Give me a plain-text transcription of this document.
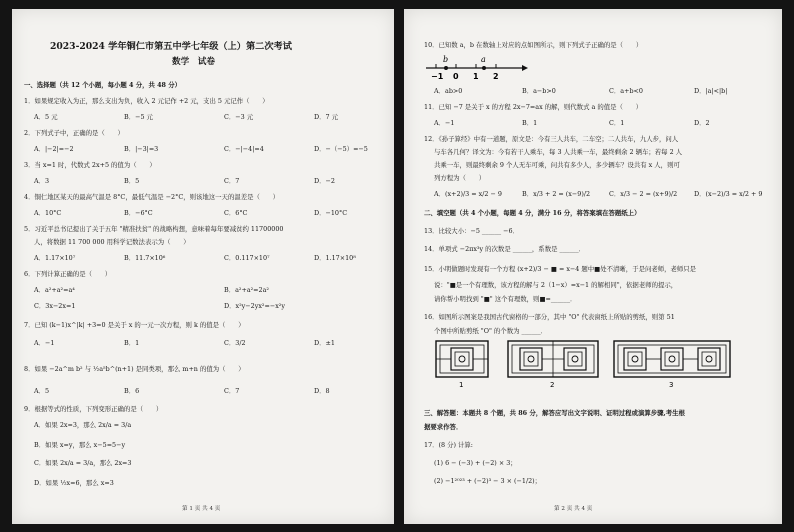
2023-2024 学年铜仁市第五中学七年级（上）第二次考试
数学　试卷
一、选择题（共 12 个小题，每小题 4 分，共 48 分）
1．如果规定收入为正，那么支出为负，收入 2 元记作 +2 元，支出 5 元记作（　　）
A．5 元	B．−5 元	C．−3 元	D．7 元
2．下列式子中，正确的是（　　）
A．|−2|=−2	B．|−3|=3	C．−|−4|=4	D．−（−5）=−5
3．当 x=1 时，代数式 2x+5 的值为（　　）
A．3	B．5	C．7	D．−2
4．铜仁地区某天的最高气温是 8°C，最低气温是 −2°C，则该地这一天的温差是（　　）
A．10°C	B．−6°C	C．6°C	D．−10°C
5．习近平总书记提出了关于五年 "精准扶贫" 的战略构想，意味着每年要减贫约 11700000
人，将数据 11 700 000 用科学记数法表示为（　　）
A．1.17×10⁷	B．11.7×10⁶	C．0.117×10⁷	D．1.17×10⁸
6．下列计算正确的是（　　）
A．a²+a²=a⁴	B．a²+a²=2a²
C．3x−2x=1	D．x²y−2yx²=−x²y
7．已知 (k−1)x^|k| +3=0 是关于 x 的一元一次方程，则 k 的值是（　　）
A．−1	B．1	C．3/2	D．±1
8．如果 −2a^m b² 与 ½a⁵b^(n+1) 是同类项，那么 m+n 的值为（　　）
A．5	B．6	C．7	D．8
9．根据等式的性质，下列变形正确的是（　　）
A．如果 2x=3，那么 2x/a = 3/a
B．如果 x=y，那么 x−5=5−y
C．如果 2x/a = 3/a，那么 2x=3
D．如果 ½x=6，那么 x=3
第 1 页 共 4 页
10．已知数 a，b 在数轴上对应的点如图所示，则下列式子正确的是（　　）
b	a
−1 0 1 2
A．ab>0	B．a−b>0	C．a+b<0	D．|a|<|b|
11．已知 −7 是关于 x 的方程 2x−7=ax 的解，则代数式 a 的值是（　　）
A．−1	B．1	C．1	D．2
12．《孙子算经》中有一道题，原文是：今有三人共车，二车空；二人共车，九人步，问人
与车各几何？译文为：今有若干人乘车，每 3 人共乘一车，最终剩余 2 辆车；若每 2 人
共乘一车，则最终剩余 9 个人无车可乘，问共有多少人，多少辆车？设共有 x 人，则可
列方程为（　　）
A．(x+2)/3 = x/2 − 9	B．x/3 + 2 = (x−9)/2	C．x/3 − 2 = (x+9)/2	D．(x−2)/3 = x/2 + 9
二、填空题（共 4 个小题，每题 4 分，满分 16 分，将答案填在答题纸上）
13．比较大小：−5 ______ −6．
14．单项式 −2πx³y 的次数是 ______，系数是 ______．
15．小明做题时发现有一个方程 (x+2)/3 − ■ = x−4 题中■处不清晰，于是问老师，老师只是
说："■是一个有理数，该方程的解与 2（1−x）=x−1 的解相同"，依据老师的提示，
请你帮小明找到 "■" 这个有理数，则■=______．
16．如图所示图案是我国古代窗格的一部分，其中 "O" 代表窗纸上所贴的剪纸，则第 51
个图中所贴剪纸 "O" 的个数为 ______．
1	2	3
三、解答题：本题共 8 个题，共 86 分，解答应写出文字说明、证明过程或演算步骤,考生根
据要求作答．
17．(8 分) 计算:
(1) 6 − (−3) + (−2) × 3；
(2) −1²⁰²³ + (−2)³ − 3 × (−1/2)；
第 2 页 共 4 页
